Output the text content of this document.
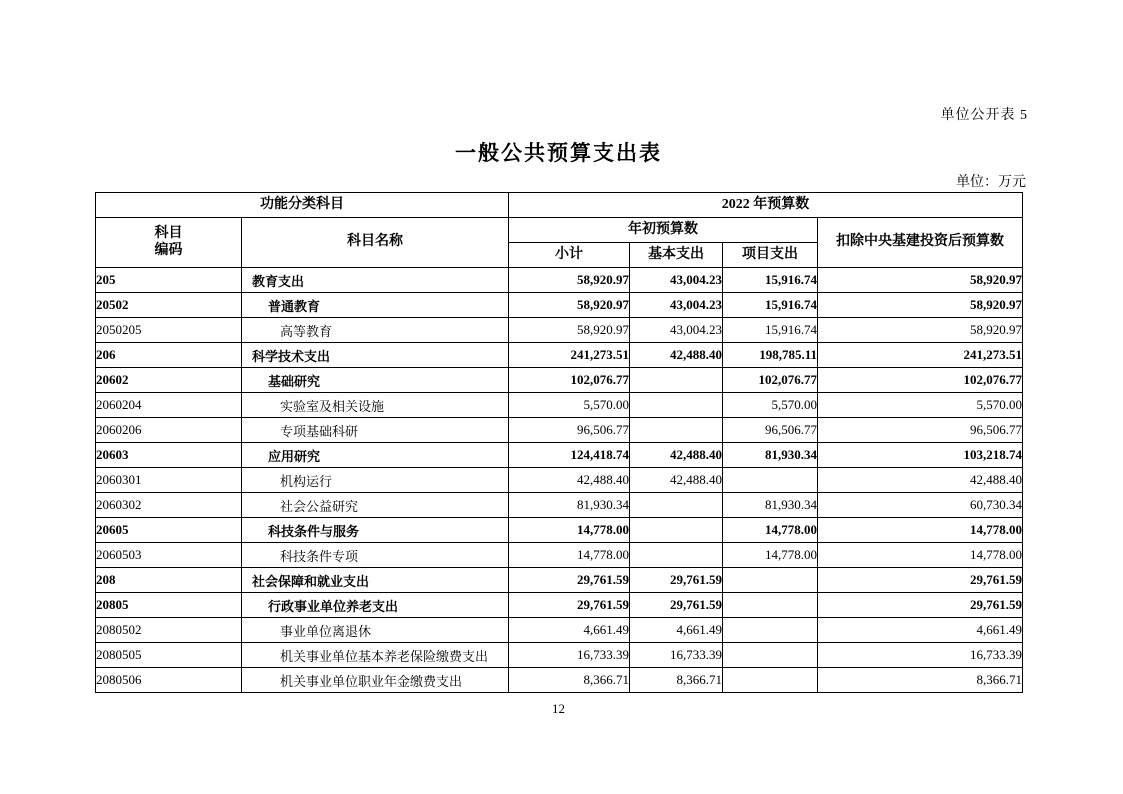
单位公开表 5
一般公共预算支出表
单位：万元
功能分类科目		2022 年预算数			
科目
编码	科目名称	年初预算数			扣除中央基建投资后预算数
		小计	基本支出	项目支出	
205	教育支出	58,920.97	43,004.23	15,916.74	58,920.97
20502	普通教育	58,920.97	43,004.23	15,916.74	58,920.97
2050205	高等教育	58,920.97	43,004.23	15,916.74	58,920.97
206	科学技术支出	241,273.51	42,488.40	198,785.11	241,273.51
20602	基础研究	102,076.77		102,076.77	102,076.77
2060204	实验室及相关设施	5,570.00		5,570.00	5,570.00
2060206	专项基础科研	96,506.77		96,506.77	96,506.77
20603	应用研究	124,418.74	42,488.40	81,930.34	103,218.74
2060301	机构运行	42,488.40	42,488.40		42,488.40
2060302	社会公益研究	81,930.34		81,930.34	60,730.34
20605	科技条件与服务	14,778.00		14,778.00	14,778.00
2060503	科技条件专项	14,778.00		14,778.00	14,778.00
208	社会保障和就业支出	29,761.59	29,761.59		29,761.59
20805	行政事业单位养老支出	29,761.59	29,761.59		29,761.59
2080502	事业单位离退休	4,661.49	4,661.49		4,661.49
2080505	机关事业单位基本养老保险缴费支出	16,733.39	16,733.39		16,733.39
2080506	机关事业单位职业年金缴费支出	8,366.71	8,366.71		8,366.71
12
